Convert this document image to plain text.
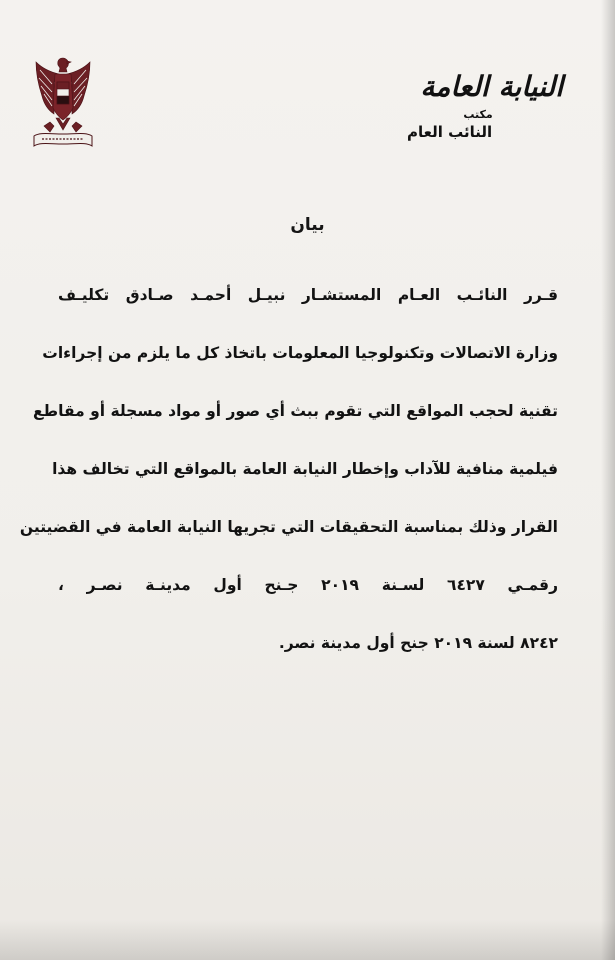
النيابة العامة
مكتب
النائب العام
بيان
قـرر النائـب العـام المستشـار نبيـل أحمـد صـادق تكليـف
وزارة الاتصالات وتكنولوجيا المعلومات باتخاذ كل ما يلزم من إجراءات
تقنية لحجب المواقع التي تقوم ببث أي صور أو مواد مسجلة أو مقاطع
فيلمية منافية للآداب وإخطار النيابة العامة بالمواقع التي تخالف هذا
القرار وذلك بمناسبة التحقيقات التي تجريها النيابة العامة في القضيتين
رقمـي ٦٤٢٧ لسـنة ٢٠١٩ جـنح أول مدينـة نصـر ،
٨٢٤٢ لسنة ٢٠١٩ جنح أول مدينة نصر.
